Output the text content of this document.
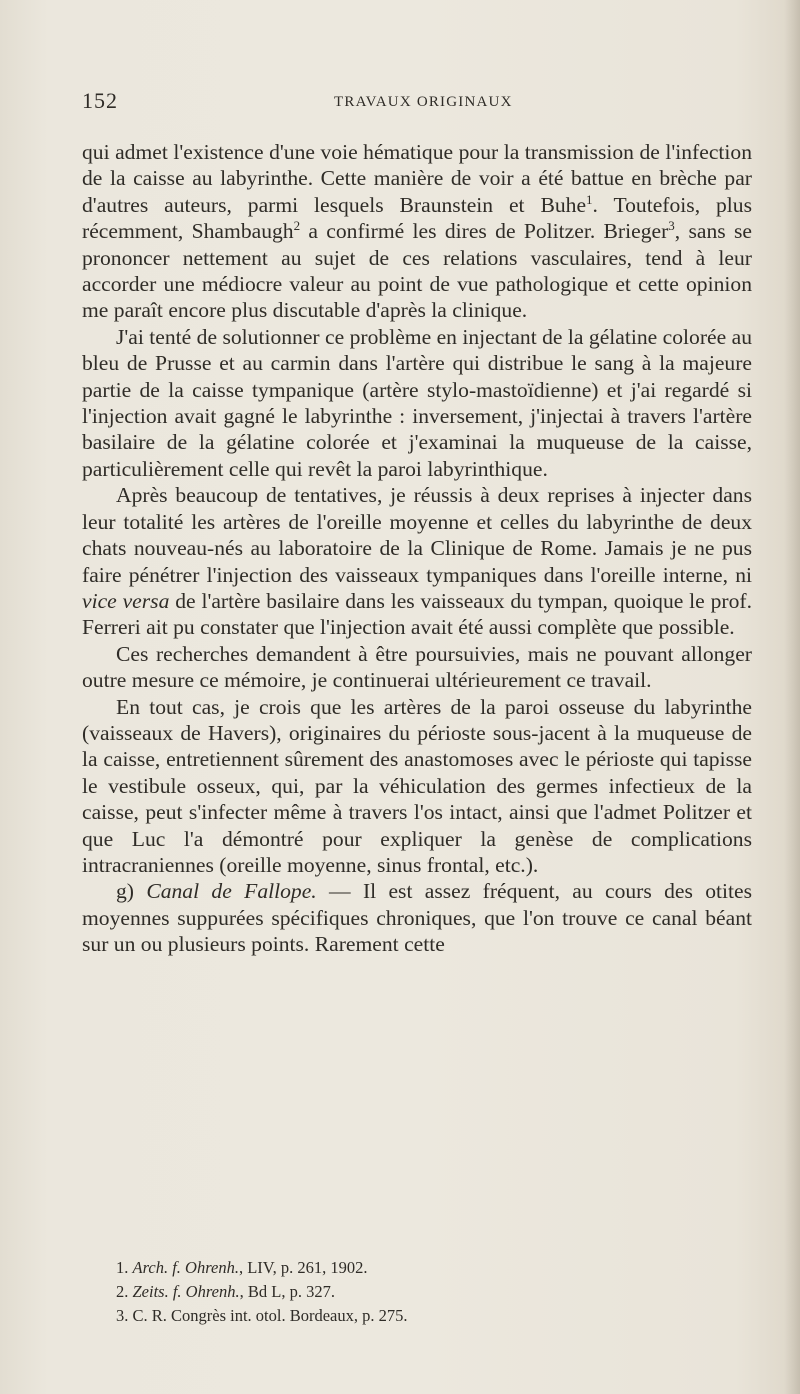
152	TRAVAUX ORIGINAUX

qui admet l'existence d'une voie hématique pour la transmission de l'infection de la caisse au labyrinthe. Cette manière de voir a été battue en brèche par d'autres auteurs, parmi lesquels Braunstein et Buhe$^1$. Toutefois, plus récemment, Shambaugh$^2$ a confirmé les dires de Politzer. Brieger$^3$, sans se prononcer nettement au sujet de ces relations vasculaires, tend à leur accorder une médiocre valeur au point de vue pathologique et cette opinion me paraît encore plus discutable d'après la clinique.

J'ai tenté de solutionner ce problème en injectant de la gélatine colorée au bleu de Prusse et au carmin dans l'artère qui distribue le sang à la majeure partie de la caisse tympanique (artère stylo-mastoïdienne) et j'ai regardé si l'injection avait gagné le labyrinthe : inversement, j'injectai à travers l'artère basilaire de la gélatine colorée et j'examinai la muqueuse de la caisse, particulièrement celle qui revêt la paroi labyrinthique.

Après beaucoup de tentatives, je réussis à deux reprises à injecter dans leur totalité les artères de l'oreille moyenne et celles du labyrinthe de deux chats nouveau-nés au laboratoire de la Clinique de Rome. Jamais je ne pus faire pénétrer l'injection des vaisseaux tympaniques dans l'oreille interne, ni vice versa de l'artère basilaire dans les vaisseaux du tympan, quoique le prof. Ferreri ait pu constater que l'injection avait été aussi complète que possible.

Ces recherches demandent à être poursuivies, mais ne pouvant allonger outre mesure ce mémoire, je continuerai ultérieurement ce travail.

En tout cas, je crois que les artères de la paroi osseuse du labyrinthe (vaisseaux de Havers), originaires du périoste sous-jacent à la muqueuse de la caisse, entretiennent sûrement des anastomoses avec le périoste qui tapisse le vestibule osseux, qui, par la véhiculation des germes infectieux de la caisse, peut s'infecter même à travers l'os intact, ainsi que l'admet Politzer et que Luc l'a démontré pour expliquer la genèse de complications intracraniennes (oreille moyenne, sinus frontal, etc.).

g) Canal de Fallope. — Il est assez fréquent, au cours des otites moyennes suppurées spécifiques chroniques, que l'on trouve ce canal béant sur un ou plusieurs points. Rarement cette

1. Arch. f. Ohrenh., LIV, p. 261, 1902.
2. Zeits. f. Ohrenh., Bd L, p. 327.
3. C. R. Congrès int. otol. Bordeaux, p. 275.
